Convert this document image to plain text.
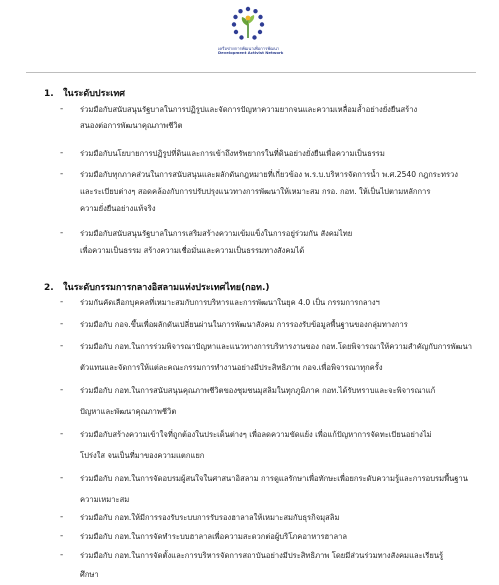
เครือข่ายการพัฒนาเพื่อการพัฒนา
Development Activist Network
1. ในระดับประเทศ
- ร่วมมือกับสนับสนุนรัฐบาลในการปฏิรูปและจัดการปัญหาความยากจนและความเหลื่อมล้ำอย่างยั่งยืนสร้าง
สนองต่อการพัฒนาคุณภาพชีวิต
- ร่วมมือกับนโยบายการปฏิรูปที่ดินและการเข้าถึงทรัพยากรในที่ดินอย่างยั่งยืนเพื่อความเป็นธรรม
- ร่วมมือกับทุกภาคส่วนในการสนับสนุนและผลักดันกฎหมายที่เกี่ยวข้อง พ.ร.บ.บริหารจัดการน้ำ พ.ศ.2540 กฎกระทรวง
และระเบียบต่างๆ สอดคล้องกับการปรับปรุงแนวทางการพัฒนาให้เหมาะสม กรอ. กอท. ให้เป็นไปตามหลักการ
ความยั่งยืนอย่างแท้จริง
- ร่วมมือกับสนับสนุนรัฐบาลในการเสริมสร้างความเข้มแข็งในการอยู่ร่วมกัน สังคมไทย
เพื่อความเป็นธรรม สร้างความเชื่อมั่นและความเป็นธรรมทางสังคมได้
2. ในระดับกรรมการกลางอิสลามแห่งประเทศไทย(กอท.)
- ร่วมกันคัดเลือกบุคคลที่เหมาะสมกับการบริหารและการพัฒนาในยุค 4.0 เป็น กรรมการกลางฯ
- ร่วมมือกับ กอจ.ขึ้นเพื่อผลักดันเปลี่ยนผ่านในการพัฒนาสังคม การรองรับข้อมูลพื้นฐานของกลุ่มทางการ
- ร่วมมือกับ กอท.ในการร่วมพิจารณาปัญหาและแนวทางการบริหารงานของ กอท.โดยพิจารณาให้ความสำคัญกับการพัฒนา
ตัวแทนและจัดการให้แต่ละคณะกรรมการทำงานอย่างมีประสิทธิภาพ กอจ.เพื่อพิจารณาทุกครั้ง
- ร่วมมือกับ กอท.ในการสนับสนุนคุณภาพชีวิตของชุมชนมุสลิมในทุกภูมิภาค กอท.ได้รับทราบและจะพิจารณาแก้
ปัญหาและพัฒนาคุณภาพชีวิต
- ร่วมมือกับสร้างความเข้าใจที่ถูกต้องในประเด็นต่างๆ เพื่อลดความขัดแย้ง เพื่อแก้ปัญหาการจัดทะเบียนอย่างไม่
โปร่งใส จนเป็นที่มาของความแตกแยก
- ร่วมมือกับ กอท.ในการจัดอบรมผู้สนใจในศาสนาอิสลาม การดูแลรักษาเพื่อทักษะเพื่อยกระดับความรู้และการอบรมพื้นฐาน
ความเหมาะสม
- ร่วมมือกับ กอท.ให้มีการรองรับระบบการรับรองฮาลาลให้เหมาะสมกับธุรกิจมุสลิม
- ร่วมมือกับ กอท.ในการจัดทำระบบฮาลาลเพื่อความสะดวกต่อผู้บริโภคอาหารฮาลาล
- ร่วมมือกับ กอท.ในการจัดตั้งและการบริหารจัดการสถาบันอย่างมีประสิทธิภาพ โดยมีส่วนร่วมทางสังคมและเรียนรู้
ศึกษา
